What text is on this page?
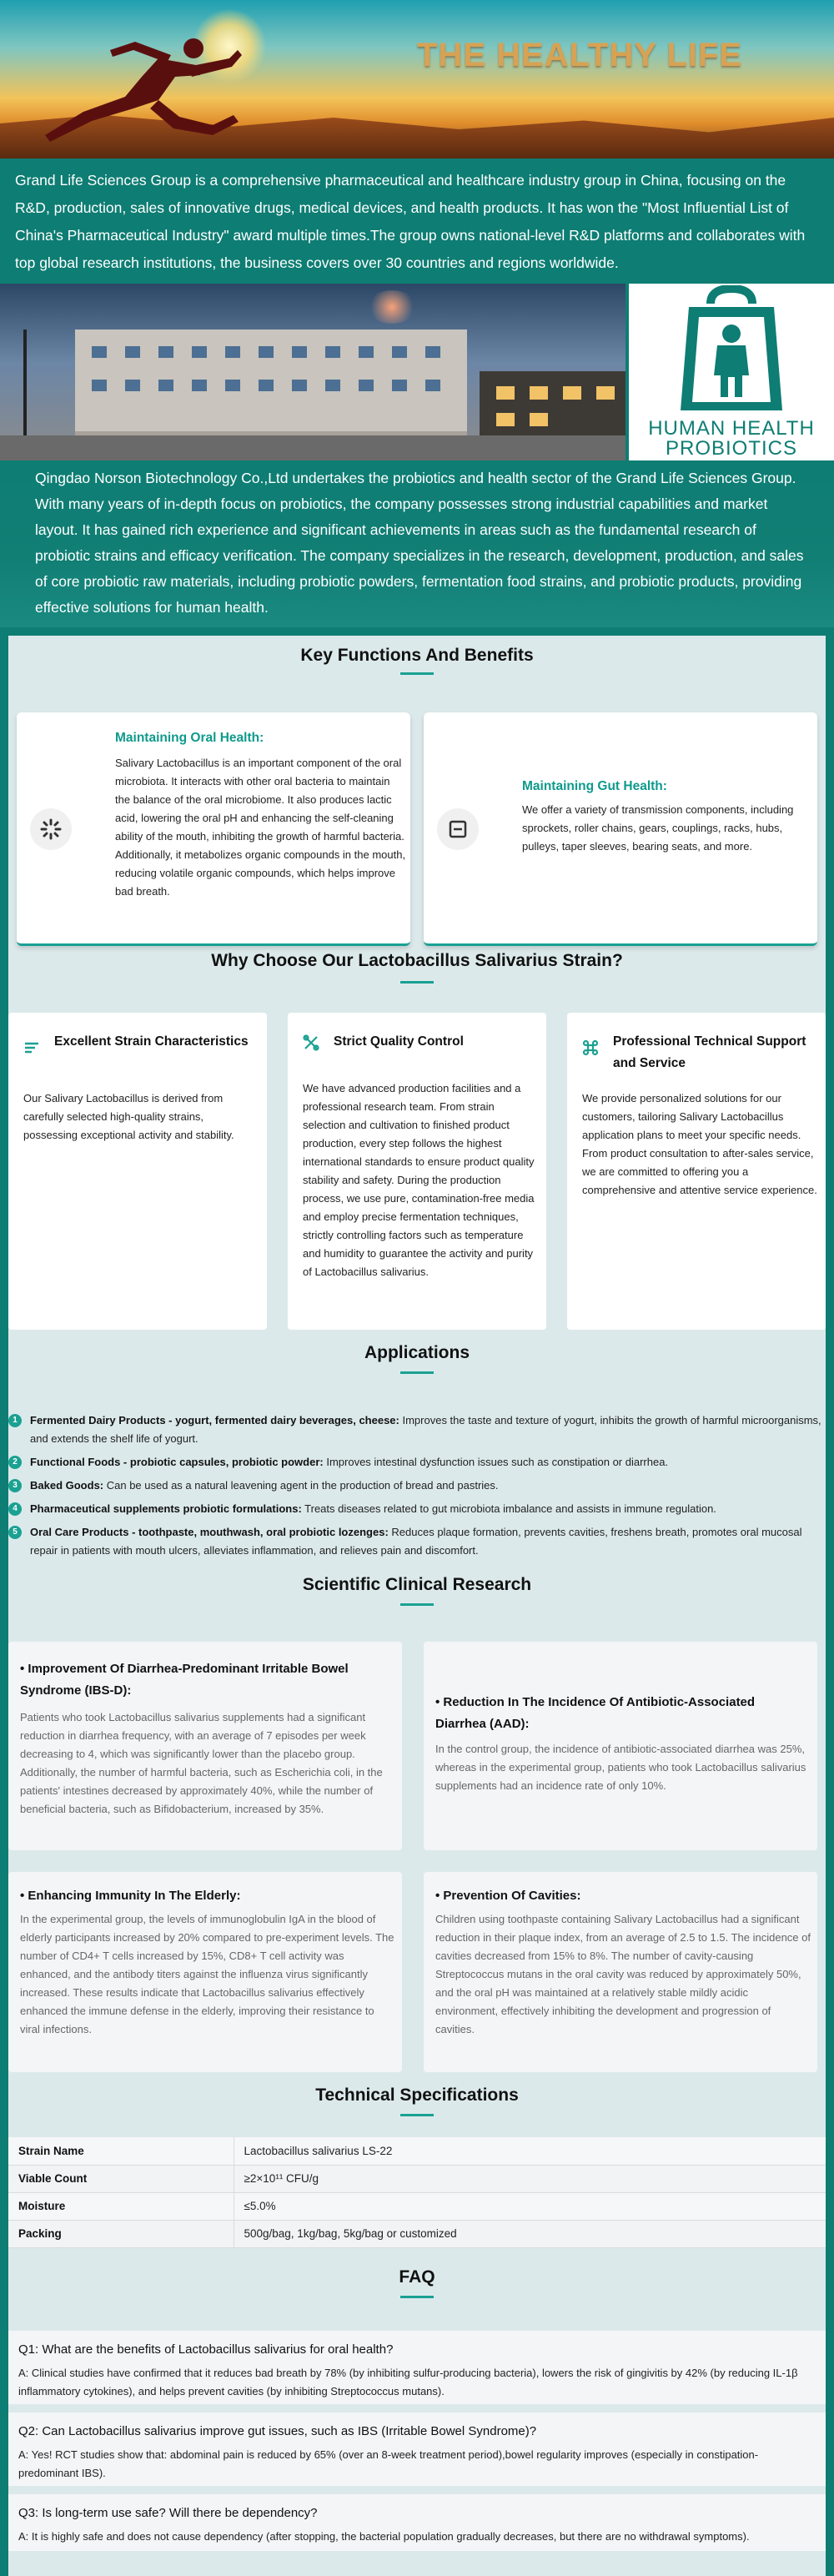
THE HEALTHY LIFE
Grand Life Sciences Group is a comprehensive pharmaceutical and healthcare industry group in China, focusing on the R&D, production, sales of innovative drugs, medical devices, and health products. It has won the "Most Influential List of China's Pharmaceutical Industry" award multiple times.The group owns national-level R&D platforms and collaborates with top global research institutions, the business covers over 30 countries and regions worldwide.
HUMAN HEALTH
PROBIOTICS
Qingdao Norson Biotechnology Co.,Ltd undertakes the probiotics and health sector of the Grand Life Sciences Group. With many years of in-depth focus on probiotics, the company possesses strong industrial capabilities and market layout. It has gained rich experience and significant achievements in areas such as the fundamental research of probiotic strains and efficacy verification. The company specializes in the research, development, production, and sales of core probiotic raw materials, including probiotic powders, fermentation food strains, and probiotic products, providing effective solutions for human health.
Key Functions And Benefits
Maintaining Oral Health:

Salivary Lactobacillus is an important component of the oral microbiota. It interacts with other oral bacteria to maintain the balance of the oral microbiome. It also produces lactic acid, lowering the oral pH and enhancing the self-cleaning ability of the mouth, inhibiting the growth of harmful bacteria. Additionally, it metabolizes organic compounds in the mouth, reducing volatile organic compounds, which helps improve bad breath.

Maintaining Gut Health:

We offer a variety of transmission components, including sprockets, roller chains, gears, couplings, racks, hubs, pulleys, taper sleeves, bearing seats, and more.

Why Choose Our Lactobacillus Salivarius Strain?
Excellent Strain Characteristics

Our Salivary Lactobacillus is derived from carefully selected high-quality strains, possessing exceptional activity and stability.

Strict Quality Control

We have advanced production facilities and a professional research team. From strain selection and cultivation to finished product production, every step follows the highest international standards to ensure product quality stability and safety. During the production process, we use pure, contamination-free media and employ precise fermentation techniques, strictly controlling factors such as temperature and humidity to guarantee the activity and purity of Lactobacillus salivarius.

Professional Technical Support and Service

We provide personalized solutions for our customers, tailoring Salivary Lactobacillus application plans to meet your specific needs. From product consultation to after-sales service, we are committed to offering you a comprehensive and attentive service experience.

Applications
1	Fermented Dairy Products - yogurt, fermented dairy beverages, cheese: Improves the taste and texture of yogurt, inhibits the growth of harmful microorganisms, and extends the shelf life of yogurt.
2	Functional Foods - probiotic capsules, probiotic powder: Improves intestinal dysfunction issues such as constipation or diarrhea.
3	Baked Goods: Can be used as a natural leavening agent in the production of bread and pastries.
4	Pharmaceutical supplements probiotic formulations: Treats diseases related to gut microbiota imbalance and assists in immune regulation.
5	Oral Care Products - toothpaste, mouthwash, oral probiotic lozenges: Reduces plaque formation, prevents cavities, freshens breath, promotes oral mucosal repair in patients with mouth ulcers, alleviates inflammation, and relieves pain and discomfort.
Scientific Clinical Research
• Improvement Of Diarrhea-Predominant Irritable Bowel Syndrome (IBS-D):

Patients who took Lactobacillus salivarius supplements had a significant reduction in diarrhea frequency, with an average of 7 episodes per week decreasing to 4, which was significantly lower than the placebo group. Additionally, the number of harmful bacteria, such as Escherichia coli, in the patients' intestines decreased by approximately 40%, while the number of beneficial bacteria, such as Bifidobacterium, increased by 35%.

• Reduction In The Incidence Of Antibiotic-Associated Diarrhea (AAD):

In the control group, the incidence of antibiotic-associated diarrhea was 25%, whereas in the experimental group, patients who took Lactobacillus salivarius supplements had an incidence rate of only 10%.

• Enhancing Immunity In The Elderly:

In the experimental group, the levels of immunoglobulin IgA in the blood of elderly participants increased by 20% compared to pre-experiment levels. The number of CD4+ T cells increased by 15%, CD8+ T cell activity was enhanced, and the antibody titers against the influenza virus significantly increased. These results indicate that Lactobacillus salivarius effectively enhanced the immune defense in the elderly, improving their resistance to viral infections.

• Prevention Of Cavities:

Children using toothpaste containing Salivary Lactobacillus had a significant reduction in their plaque index, from an average of 2.5 to 1.5. The incidence of cavities decreased from 15% to 8%. The number of cavity-causing Streptococcus mutans in the oral cavity was reduced by approximately 50%, and the oral pH was maintained at a relatively stable mildly acidic environment, effectively inhibiting the development and progression of cavities.

Technical Specifications
Strain Name	Lactobacillus salivarius LS-22
Viable Count	≥2×10¹¹ CFU/g
Moisture	≤5.0%
Packing	500g/bag, 1kg/bag, 5kg/bag or customized
FAQ
Q1: What are the benefits of Lactobacillus salivarius for oral health?
A: Clinical studies have confirmed that it reduces bad breath by 78% (by inhibiting sulfur-producing bacteria), lowers the risk of gingivitis by 42% (by reducing IL-1β inflammatory cytokines), and helps prevent cavities (by inhibiting Streptococcus mutans).
Q2: Can Lactobacillus salivarius improve gut issues, such as IBS (Irritable Bowel Syndrome)?
A: Yes! RCT studies show that: abdominal pain is reduced by 65% (over an 8-week treatment period),bowel regularity improves (especially in constipation-predominant IBS).
Q3: Is long-term use safe? Will there be dependency?
A: It is highly safe and does not cause dependency (after stopping, the bacterial population gradually decreases, but there are no withdrawal symptoms).
